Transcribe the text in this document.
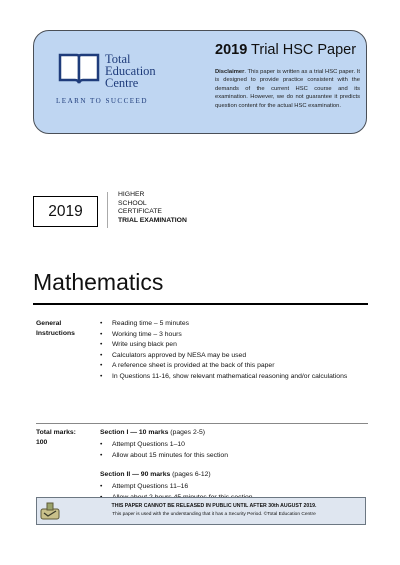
Total
Education
Centre
LEARN TO SUCCEED
2019 Trial HSC Paper
Disclaimer. This paper is written as a trial HSC paper. It is designed to provide practice consistent with the demands of the current HSC course and its examination. However, we do not guarantee it predicts question content for the actual HSC examination.
2019
HIGHER
SCHOOL
CERTIFICATE
TRIAL EXAMINATION
Mathematics
General
Instructions
• Reading time – 5 minutes
• Working time – 3 hours
• Write using black pen
• Calculators approved by NESA may be used
• A reference sheet is provided at the back of this paper
• In Questions 11-16, show relevant mathematical reasoning and/or calculations
Total marks:
100
Section I — 10 marks (pages 2-5)
• Attempt Questions 1–10
• Allow about 15 minutes for this section
Section II — 90 marks (pages 6-12)
• Attempt Questions 11–16
•
THIS PAPER CANNOT BE RELEASED IN PUBLIC UNTIL AFTER 30th AUGUST 2019.
This paper is used with the understanding that it has a Security Period. ©Total Education Centre
